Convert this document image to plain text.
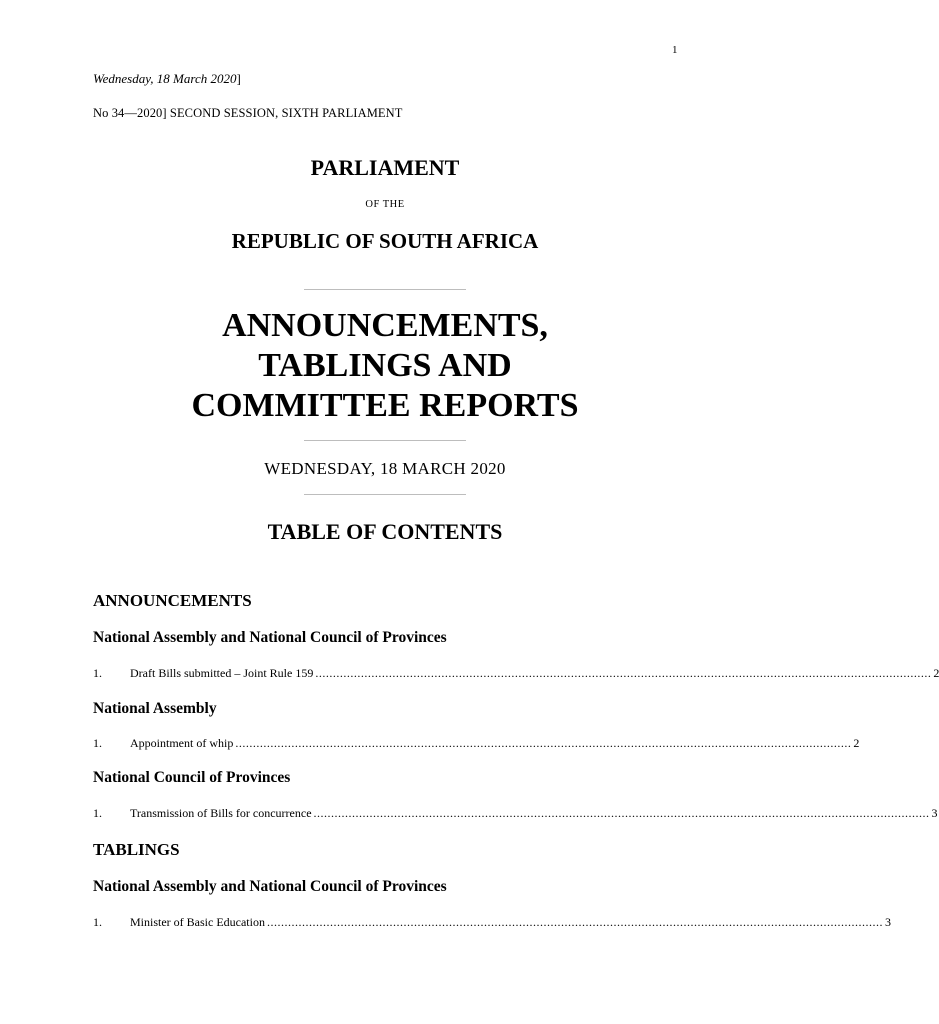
1
Wednesday, 18 March 2020]
No 34—2020] SECOND SESSION, SIXTH PARLIAMENT
PARLIAMENT
OF THE
REPUBLIC OF SOUTH AFRICA
ANNOUNCEMENTS,
TABLINGS AND
COMMITTEE REPORTS
WEDNESDAY, 18 MARCH 2020
TABLE OF CONTENTS
ANNOUNCEMENTS
National Assembly and National Council of Provinces
1.	Draft Bills submitted – Joint Rule 159 ................................................................................................................................................................................ 2
National Assembly
1.	Appointment of whip ................................................................................................................................................................................ 2
National Council of Provinces
1.	Transmission of Bills for concurrence ................................................................................................................................................................................ 3
TABLINGS
National Assembly and National Council of Provinces
1.	Minister of Basic Education ................................................................................................................................................................................ 3
